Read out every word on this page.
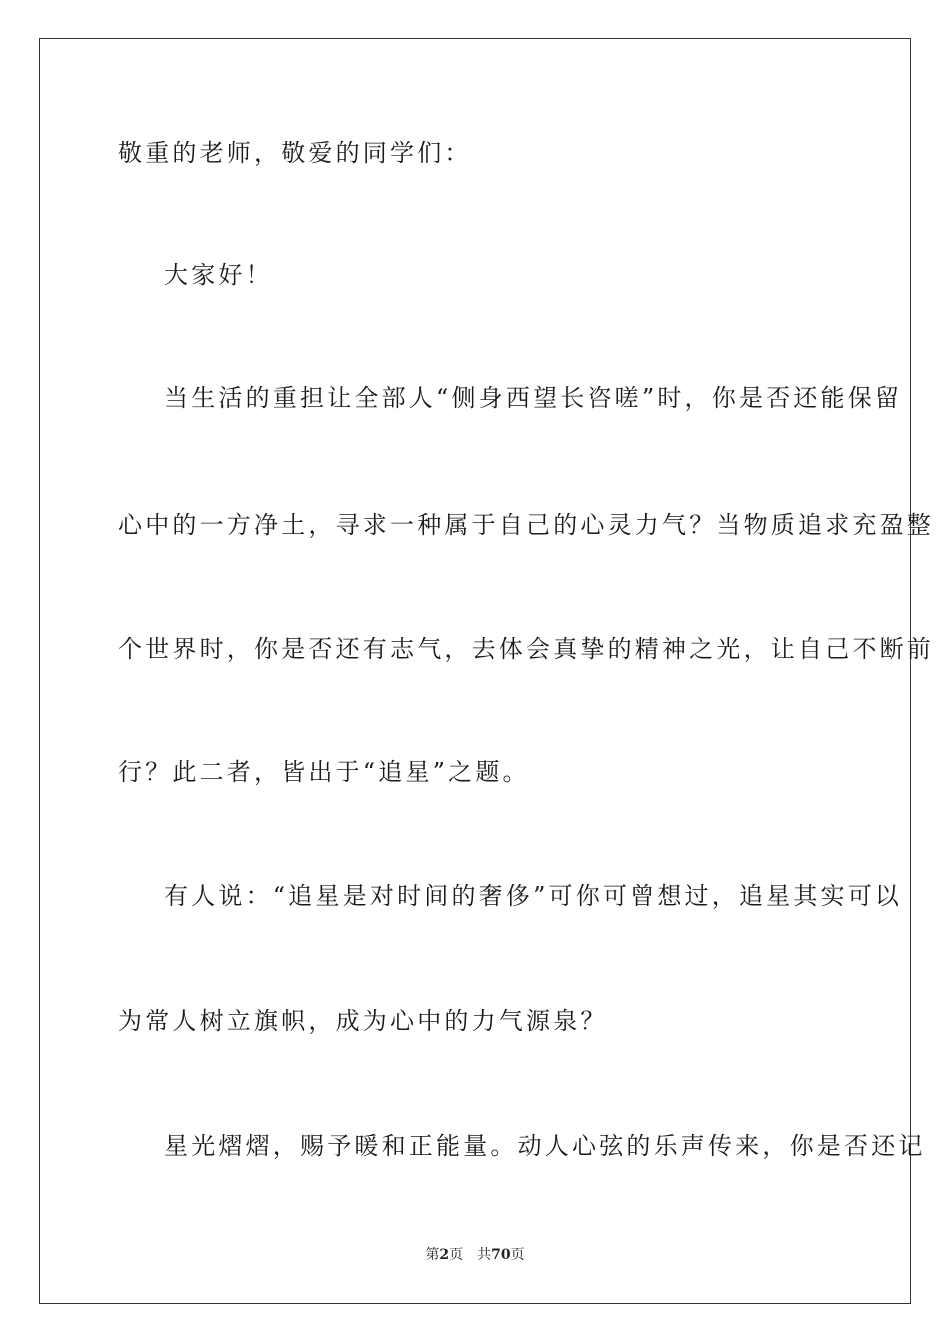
敬重的老师，敬爱的同学们：
大家好！
当生活的重担让全部人“侧身西望长咨嗟”时，你是否还能保留
心中的一方净土，寻求一种属于自己的心灵力气？当物质追求充盈整
个世界时，你是否还有志气，去体会真挚的精神之光，让自己不断前
行？此二者，皆出于“追星”之题。
有人说：“追星是对时间的奢侈”可你可曾想过，追星其实可以
为常人树立旗帜，成为心中的力气源泉？
星光熠熠，赐予暖和正能量。动人心弦的乐声传来，你是否还记
第2页 共70页
